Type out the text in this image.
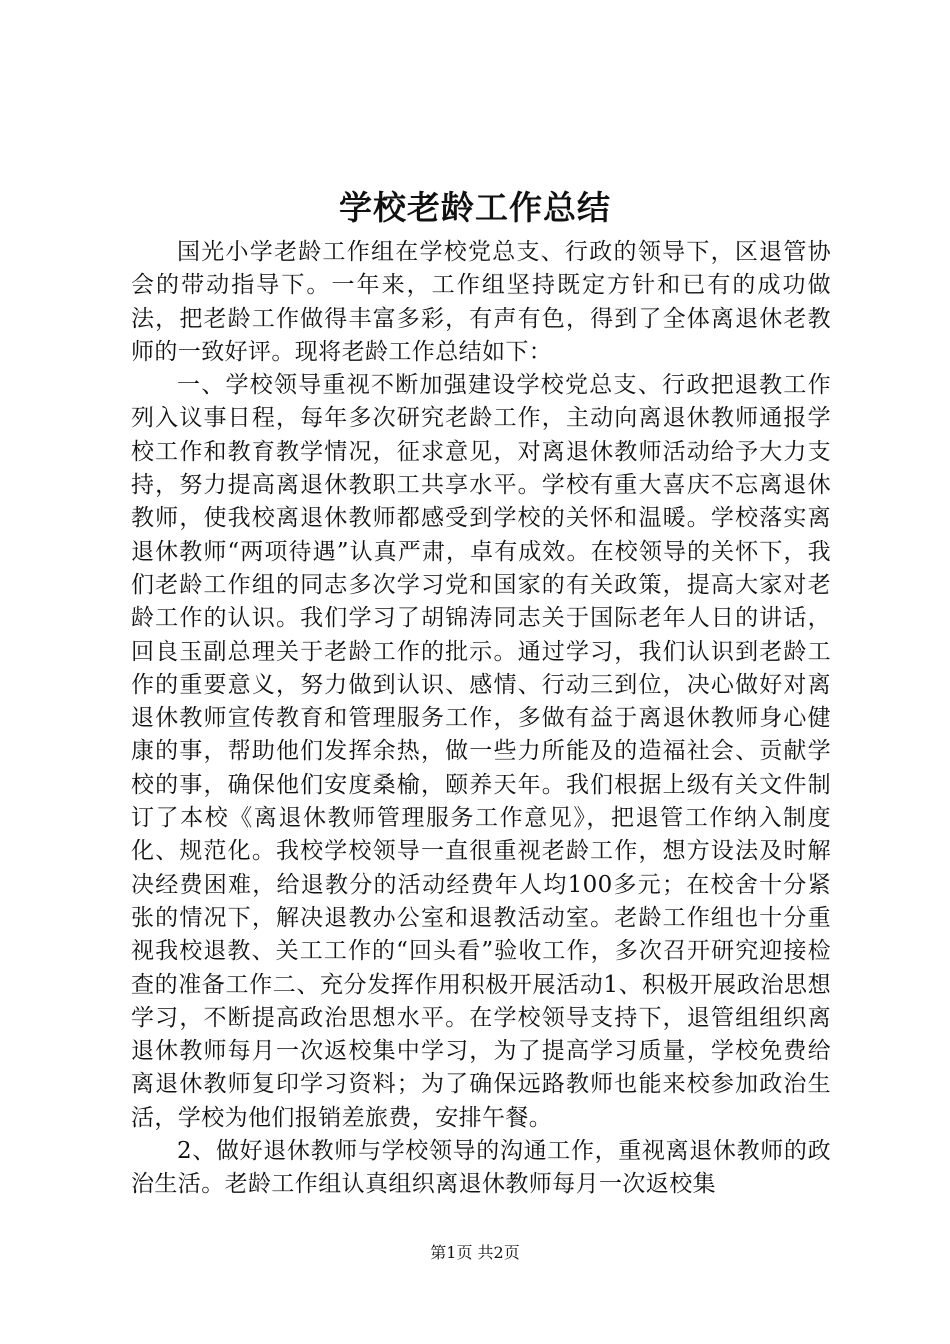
学校老龄工作总结

国光小学老龄工作组在学校党总支、行政的领导下，区退管协会的带动指导下。一年来，工作组坚持既定方针和已有的成功做法，把老龄工作做得丰富多彩，有声有色，得到了全体离退休老教师的一致好评。现将老龄工作总结如下：

一、学校领导重视不断加强建设学校党总支、行政把退教工作列入议事日程，每年多次研究老龄工作，主动向离退休教师通报学校工作和教育教学情况，征求意见，对离退休教师活动给予大力支持，努力提高离退休教职工共享水平。学校有重大喜庆不忘离退休教师，使我校离退休教师都感受到学校的关怀和温暖。学校落实离退休教师“两项待遇”认真严肃，卓有成效。在校领导的关怀下，我们老龄工作组的同志多次学习党和国家的有关政策，提高大家对老龄工作的认识。我们学习了胡锦涛同志关于国际老年人日的讲话，回良玉副总理关于老龄工作的批示。通过学习，我们认识到老龄工作的重要意义，努力做到认识、感情、行动三到位，决心做好对离退休教师宣传教育和管理服务工作，多做有益于离退休教师身心健康的事，帮助他们发挥余热，做一些力所能及的造福社会、贡献学校的事，确保他们安度桑榆，颐养天年。我们根据上级有关文件制订了本校《离退休教师管理服务工作意见》，把退管工作纳入制度化、规范化。我校学校领导一直很重视老龄工作，想方设法及时解决经费困难，给退教分的活动经费年人均100多元；在校舍十分紧张的情况下，解决退教办公室和退教活动室。老龄工作组也十分重视我校退教、关工工作的“回头看”验收工作，多次召开研究迎接检查的准备工作二、充分发挥作用积极开展活动1、积极开展政治思想学习，不断提高政治思想水平。在学校领导支持下，退管组组织离退休教师每月一次返校集中学习，为了提高学习质量，学校免费给离退休教师复印学习资料；为了确保远路教师也能来校参加政治生活，学校为他们报销差旅费，安排午餐。

2、做好退休教师与学校领导的沟通工作，重视离退休教师的政治生活。老龄工作组认真组织离退休教师每月一次返校集

第1页 共2页
